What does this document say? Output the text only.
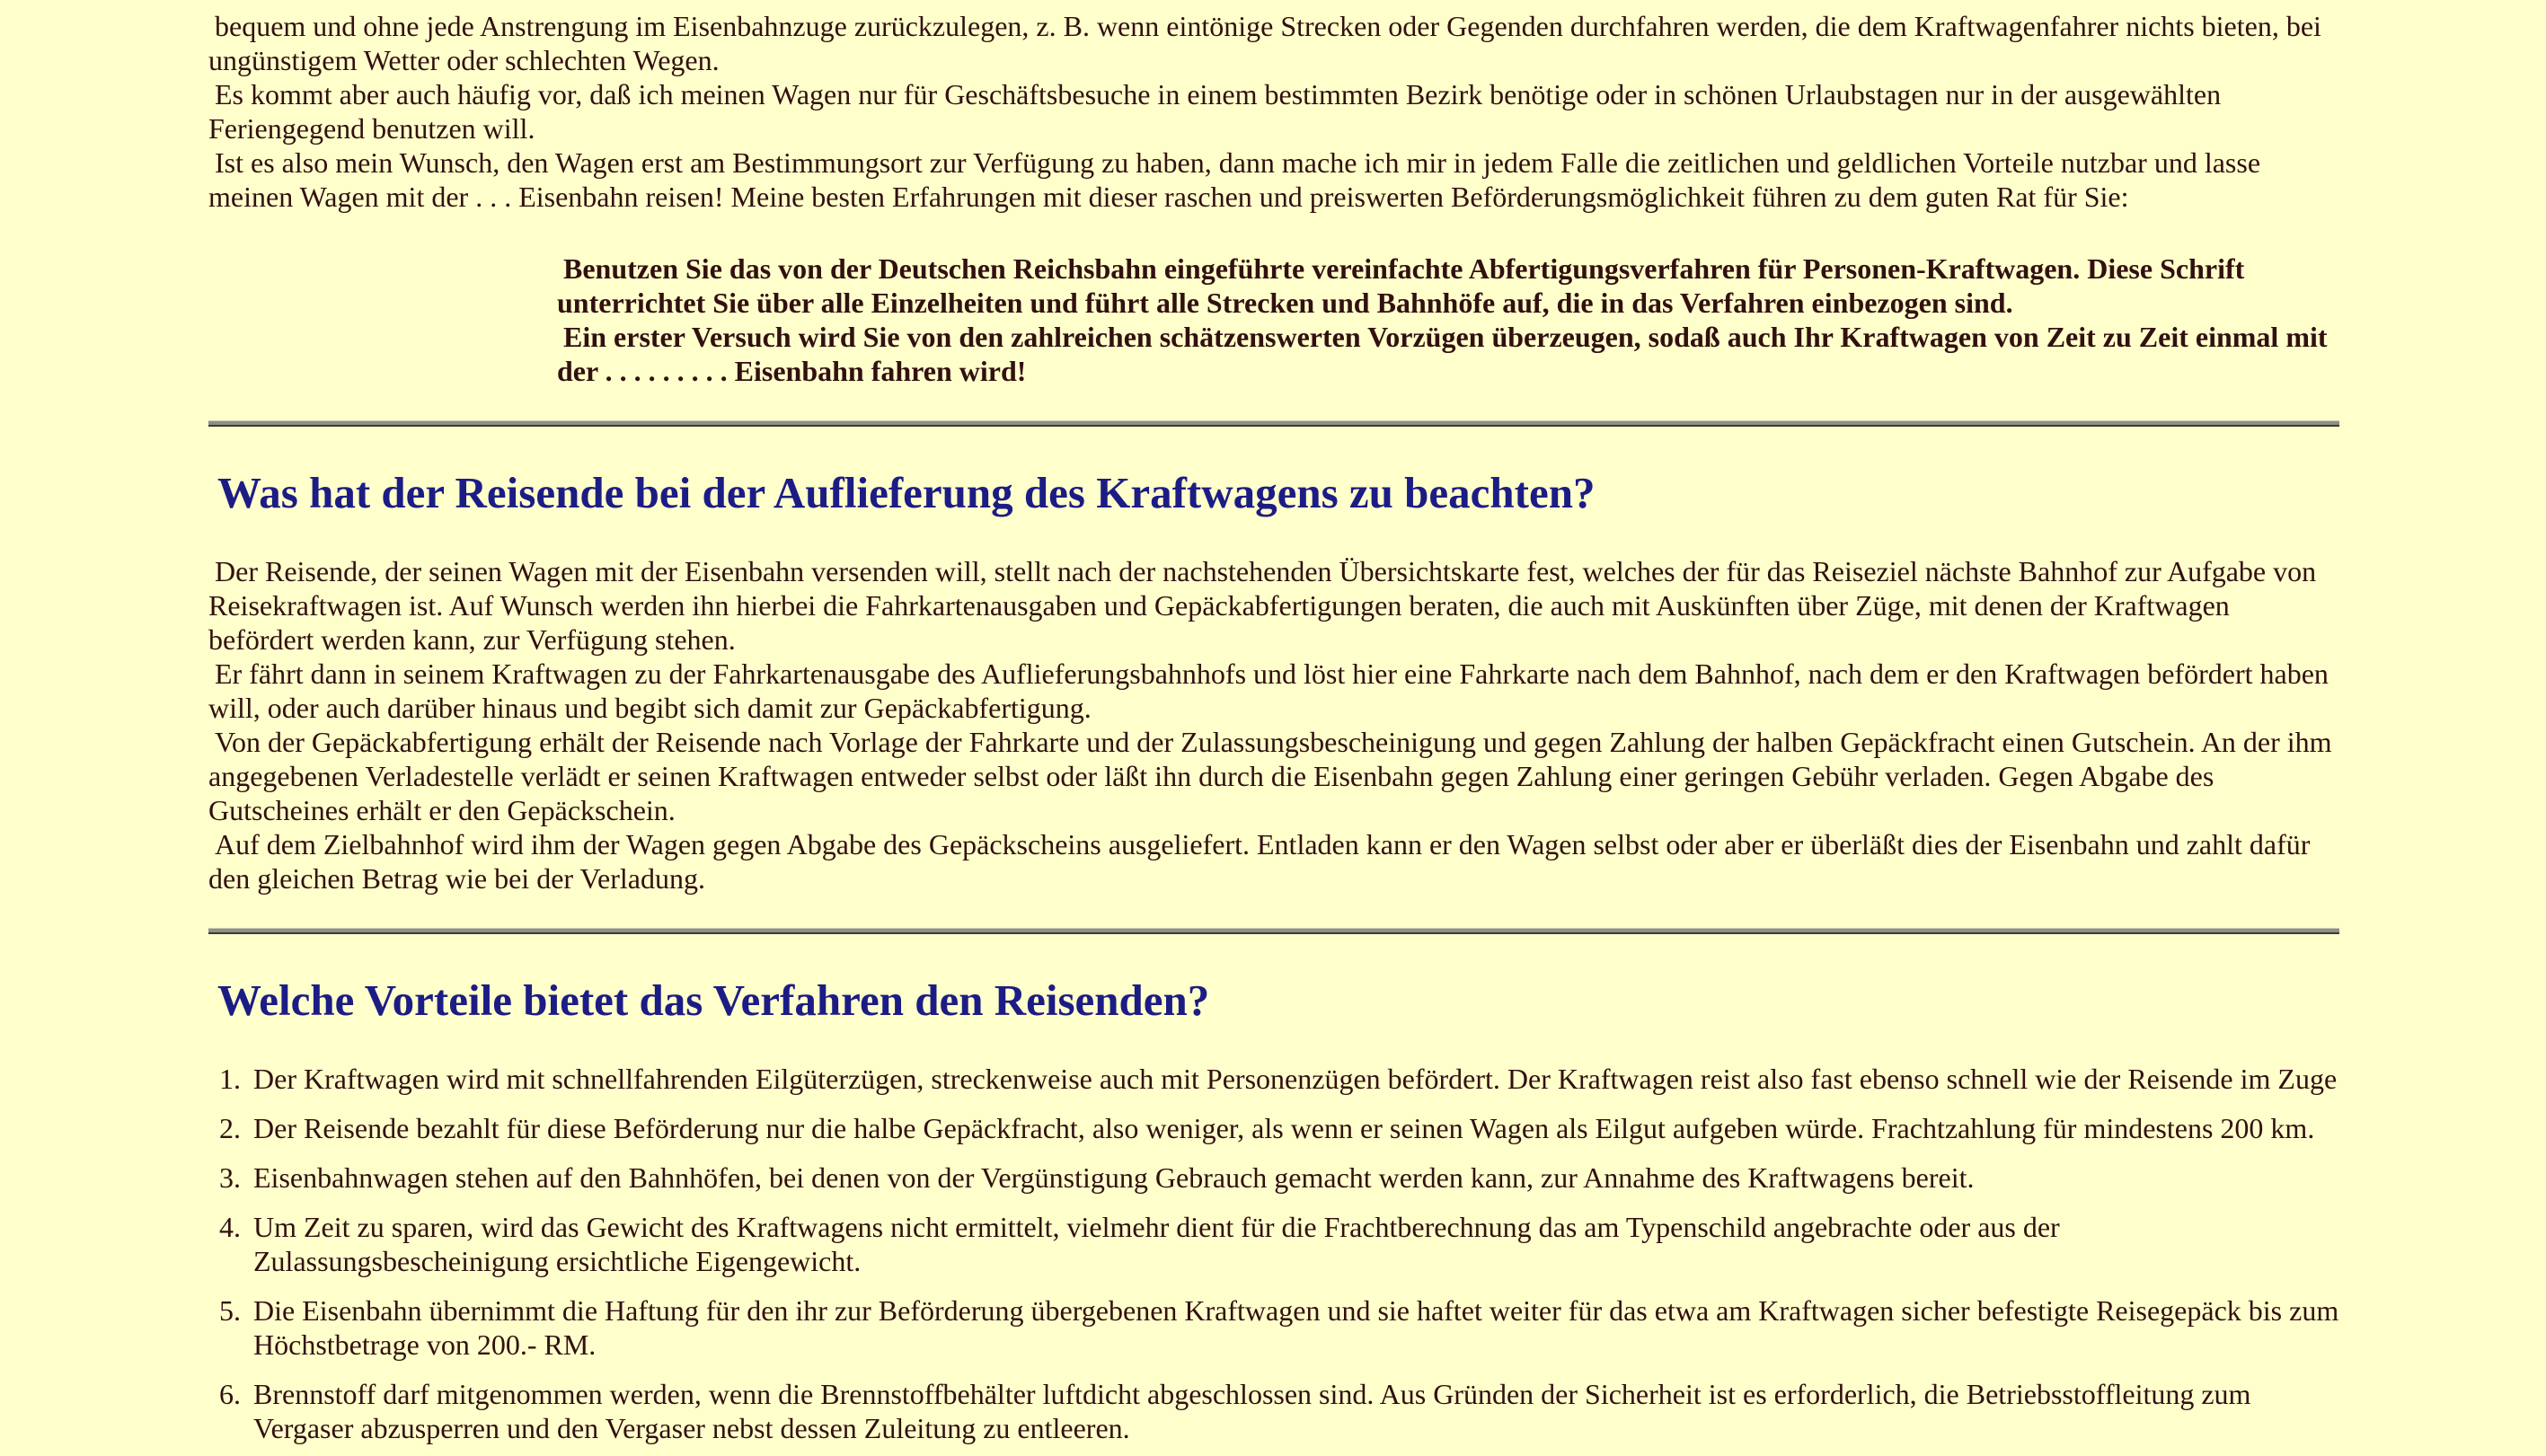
bequem und ohne jede Anstrengung im Eisenbahnzuge zurückzulegen, z. B. wenn eintönige Strecken oder Gegenden durchfahren werden, die dem Kraftwagenfahrer nichts bieten, bei ungünstigem Wetter oder schlechten Wegen.
Es kommt aber auch häufig vor, daß ich meinen Wagen nur für Geschäftsbesuche in einem bestimmten Bezirk benötige oder in schönen Urlaubstagen nur in der ausgewählten Feriengegend benutzen will.
Ist es also mein Wunsch, den Wagen erst am Bestimmungsort zur Verfügung zu haben, dann mache ich mir in jedem Falle die zeitlichen und geldlichen Vorteile nutzbar und lasse meinen Wagen mit der . . . Eisenbahn reisen! Meine besten Erfahrungen mit dieser raschen und preiswerten Beförderungsmöglichkeit führen zu dem guten Rat für Sie:
Benutzen Sie das von der Deutschen Reichsbahn eingeführte vereinfachte Abfertigungsverfahren für Personen-Kraftwagen. Diese Schrift unterrichtet Sie über alle Einzelheiten und führt alle Strecken und Bahnhöfe auf, die in das Verfahren einbezogen sind.
Ein erster Versuch wird Sie von den zahlreichen schätzenswerten Vorzügen überzeugen, sodaß auch Ihr Kraftwagen von Zeit zu Zeit einmal mit der . . . . . . . . . Eisenbahn fahren wird!
Was hat der Reisende bei der Auflieferung des Kraftwagens zu beachten?
Der Reisende, der seinen Wagen mit der Eisenbahn versenden will, stellt nach der nachstehenden Übersichtskarte fest, welches der für das Reiseziel nächste Bahnhof zur Aufgabe von Reisekraftwagen ist. Auf Wunsch werden ihn hierbei die Fahrkartenausgaben und Gepäckabfertigungen beraten, die auch mit Auskünften über Züge, mit denen der Kraftwagen befördert werden kann, zur Verfügung stehen.
Er fährt dann in seinem Kraftwagen zu der Fahrkartenausgabe des Auflieferungsbahnhofs und löst hier eine Fahrkarte nach dem Bahnhof, nach dem er den Kraftwagen befördert haben will, oder auch darüber hinaus und begibt sich damit zur Gepäckabfertigung.
Von der Gepäckabfertigung erhält der Reisende nach Vorlage der Fahrkarte und der Zulassungsbescheinigung und gegen Zahlung der halben Gepäckfracht einen Gutschein. An der ihm angegebenen Verladestelle verlädt er seinen Kraftwagen entweder selbst oder läßt ihn durch die Eisenbahn gegen Zahlung einer geringen Gebühr verladen. Gegen Abgabe des Gutscheines erhält er den Gepäckschein.
Auf dem Zielbahnhof wird ihm der Wagen gegen Abgabe des Gepäckscheins ausgeliefert. Entladen kann er den Wagen selbst oder aber er überläßt dies der Eisenbahn und zahlt dafür den gleichen Betrag wie bei der Verladung.
Welche Vorteile bietet das Verfahren den Reisenden?
1. Der Kraftwagen wird mit schnellfahrenden Eilgüterzügen, streckenweise auch mit Personenzügen befördert. Der Kraftwagen reist also fast ebenso schnell wie der Reisende im Zuge
2. Der Reisende bezahlt für diese Beförderung nur die halbe Gepäckfracht, also weniger, als wenn er seinen Wagen als Eilgut aufgeben würde. Frachtzahlung für mindestens 200 km.
3. Eisenbahnwagen stehen auf den Bahnhöfen, bei denen von der Vergünstigung Gebrauch gemacht werden kann, zur Annahme des Kraftwagens bereit.
4. Um Zeit zu sparen, wird das Gewicht des Kraftwagens nicht ermittelt, vielmehr dient für die Frachtberechnung das am Typenschild angebrachte oder aus der Zulassungsbescheinigung ersichtliche Eigengewicht.
5. Die Eisenbahn übernimmt die Haftung für den ihr zur Beförderung übergebenen Kraftwagen und sie haftet weiter für das etwa am Kraftwagen sicher befestigte Reisegepäck bis zum Höchstbetrage von 200.- RM.
6. Brennstoff darf mitgenommen werden, wenn die Brennstoffbehälter luftdicht abgeschlossen sind. Aus Gründen der Sicherheit ist es erforderlich, die Betriebsstoffleitung zum Vergaser abzusperren und den Vergaser nebst dessen Zuleitung zu entleeren.
